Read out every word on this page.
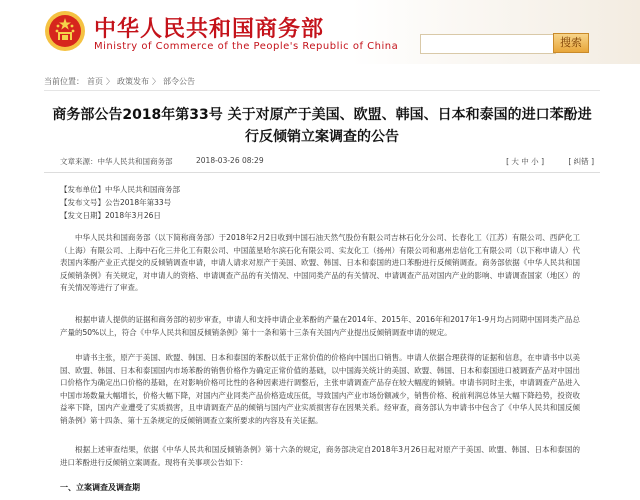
中华人民共和国商务部
Ministry of Commerce of the People's Republic of China	搜索
当前位置： 首页 〉 政策发布 〉 部令公告
商务部公告2018年第33号 关于对原产于美国、欧盟、韩国、日本和泰国的进口苯酚进行反倾销立案调查的公告
文章来源：中华人民共和国商务部	2018-03-26 08:29	[ 大 中 小 ]	[ 纠错 ]
【发布单位】中华人民共和国商务部
【发布文号】公告2018年第33号
【发文日期】2018年3月26日
中华人民共和国商务部（以下简称商务部）于2018年2月2日收到中国石油天然气股份有限公司吉林石化分公司、长春化工（江苏）有限公司、西萨化工（上海）有限公司、上海中石化三井化工有限公司、中国蓝星哈尔滨石化有限公司、实友化工（扬州）有限公司和惠州忠信化工有限公司（以下称申请人）代表国内苯酚产业正式提交的反倾销调查申请，申请人请求对原产于美国、欧盟、韩国、日本和泰国的进口苯酚进行反倾销调查。商务部依据《中华人民共和国反倾销条例》有关规定，对申请人的资格、申请调查产品的有关情况、中国同类产品的有关情况、申请调查产品对国内产业的影响、申请调查国家（地区）的有关情况等进行了审查。
根据申请人提供的证据和商务部的初步审查，申请人和支持申请企业苯酚的产量在2014年、2015年、2016年和2017年1-9月均占同期中国同类产品总产量的50%以上，符合《中华人民共和国反倾销条例》第十一条和第十三条有关国内产业提出反倾销调查申请的规定。
申请书主张，原产于美国、欧盟、韩国、日本和泰国的苯酚以低于正常价值的价格向中国出口销售。申请人依据合理获得的证据和信息，在申请书中以美国、欧盟、韩国、日本和泰国国内市场苯酚的销售价格作为确定正常价值的基础，以中国海关统计的美国、欧盟、韩国、日本和泰国进口被调查产品对中国出口价格作为确定出口价格的基础，在对影响价格可比性的各种因素进行调整后，主张申请调查产品存在较大幅度的倾销。申请书同时主张，申请调查产品进入中国市场数量大幅增长，价格大幅下降，对国内产业同类产品价格造成压低，导致国内产业市场份额减少，销售价格、税前利润总体呈大幅下降趋势，投资收益率下降，国内产业遭受了实质损害，且申请调查产品的倾销与国内产业实质损害存在因果关系。经审查，商务部认为申请书中包含了《中华人民共和国反倾销条例》第十四条、第十五条规定的反倾销调查立案所要求的内容及有关证据。
根据上述审查结果，依据《中华人民共和国反倾销条例》第十六条的规定，商务部决定自2018年3月26日起对原产于美国、欧盟、韩国、日本和泰国的进口苯酚进行反倾销立案调查。现将有关事项公告如下：
一、立案调查及调查期
